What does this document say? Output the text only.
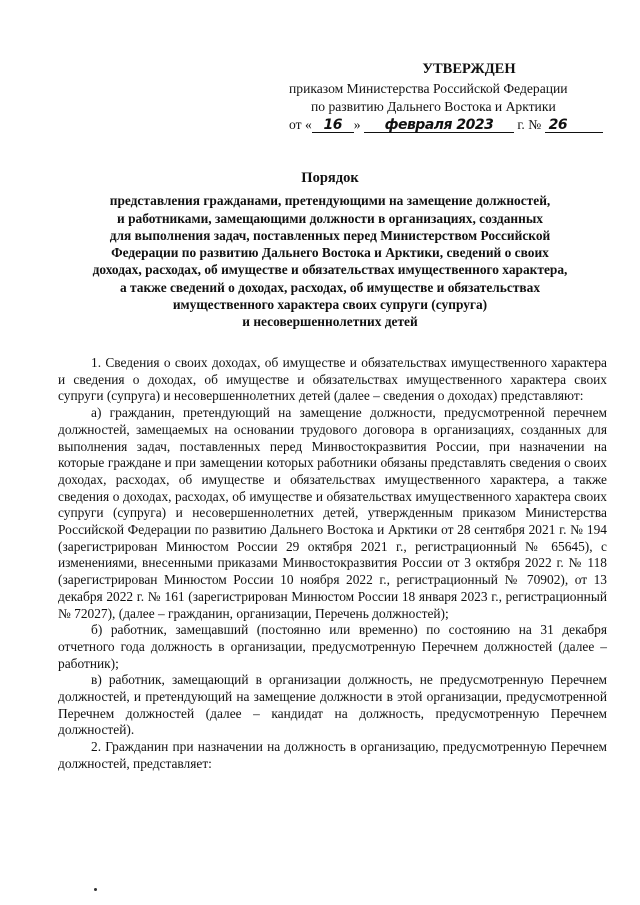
УТВЕРЖДЕН
приказом Министерства Российской Федерации
по развитию Дальнего Востока и Арктики
от « 16 » февраля 2023 г. № 26
Порядок
представления гражданами, претендующими на замещение должностей,
и работниками, замещающими должности в организациях, созданных
для выполнения задач, поставленных перед Министерством Российской
Федерации по развитию Дальнего Востока и Арктики, сведений о своих
доходах, расходах, об имуществе и обязательствах имущественного характера,
а также сведений о доходах, расходах, об имуществе и обязательствах
имущественного характера своих супруги (супруга)
и несовершеннолетних детей

1. Сведения о своих доходах, об имуществе и обязательствах имущественного характера и сведения о доходах, об имуществе и обязательствах имущественного характера своих супруги (супруга) и несовершеннолетних детей (далее – сведения о доходах) представляют:

а) гражданин, претендующий на замещение должности, предусмотренной перечнем должностей, замещаемых на основании трудового договора в организациях, созданных для выполнения задач, поставленных перед Минвостокразвития России, при назначении на которые граждане и при замещении которых работники обязаны представлять сведения о своих доходах, расходах, об имуществе и обязательствах имущественного характера, а также сведения о доходах, расходах, об имуществе и обязательствах имущественного характера своих супруги (супруга) и несовершеннолетних детей, утвержденным приказом Министерства Российской Федерации по развитию Дальнего Востока и Арктики от 28 сентября 2021 г. № 194 (зарегистрирован Минюстом России 29 октября 2021 г., регистрационный № 65645), с изменениями, внесенными приказами Минвостокразвития России от 3 октября 2022 г. № 118 (зарегистрирован Минюстом России 10 ноября 2022 г., регистрационный № 70902), от 13 декабря 2022 г. № 161 (зарегистрирован Минюстом России 18 января 2023 г., регистрационный № 72027), (далее – гражданин, организации, Перечень должностей);

б) работник, замещавший (постоянно или временно) по состоянию на 31 декабря отчетного года должность в организации, предусмотренную Перечнем должностей (далее – работник);

в) работник, замещающий в организации должность, не предусмотренную Перечнем должностей, и претендующий на замещение должности в этой организации, предусмотренной Перечнем должностей (далее – кандидат на должность, предусмотренную Перечнем должностей).

2. Гражданин при назначении на должность в организацию, предусмотренную Перечнем должностей, представляет:
